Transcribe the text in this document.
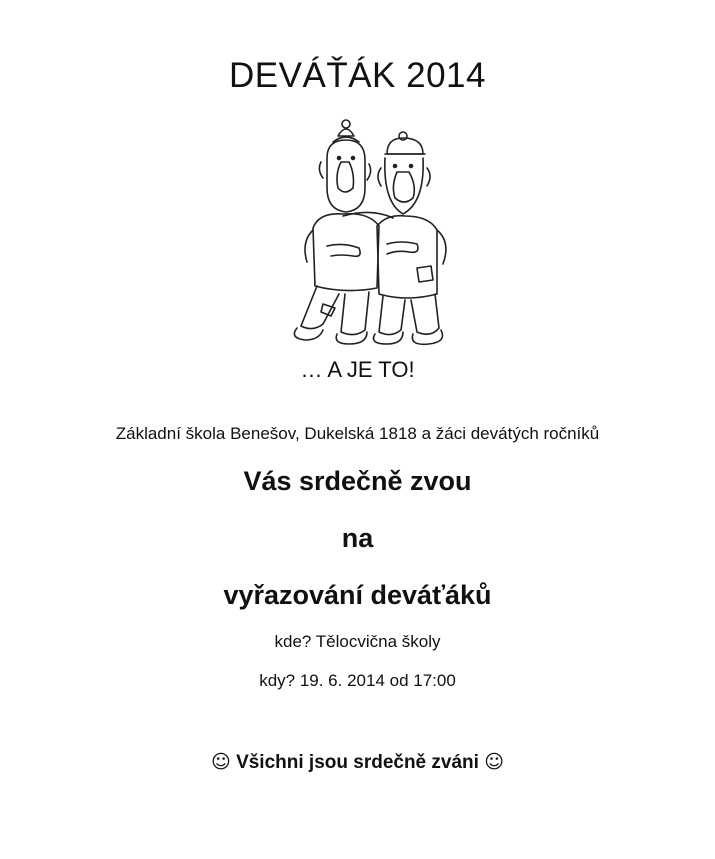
DEVÁŤÁK 2014
… A JE TO!
Základní škola Benešov, Dukelská 1818 a žáci devátých ročníků
Vás srdečně zvou
na
vyřazování deváťáků
kde? Tělocvična školy
kdy? 19. 6. 2014 od 17:00
☺ Všichni jsou srdečně zváni ☺
